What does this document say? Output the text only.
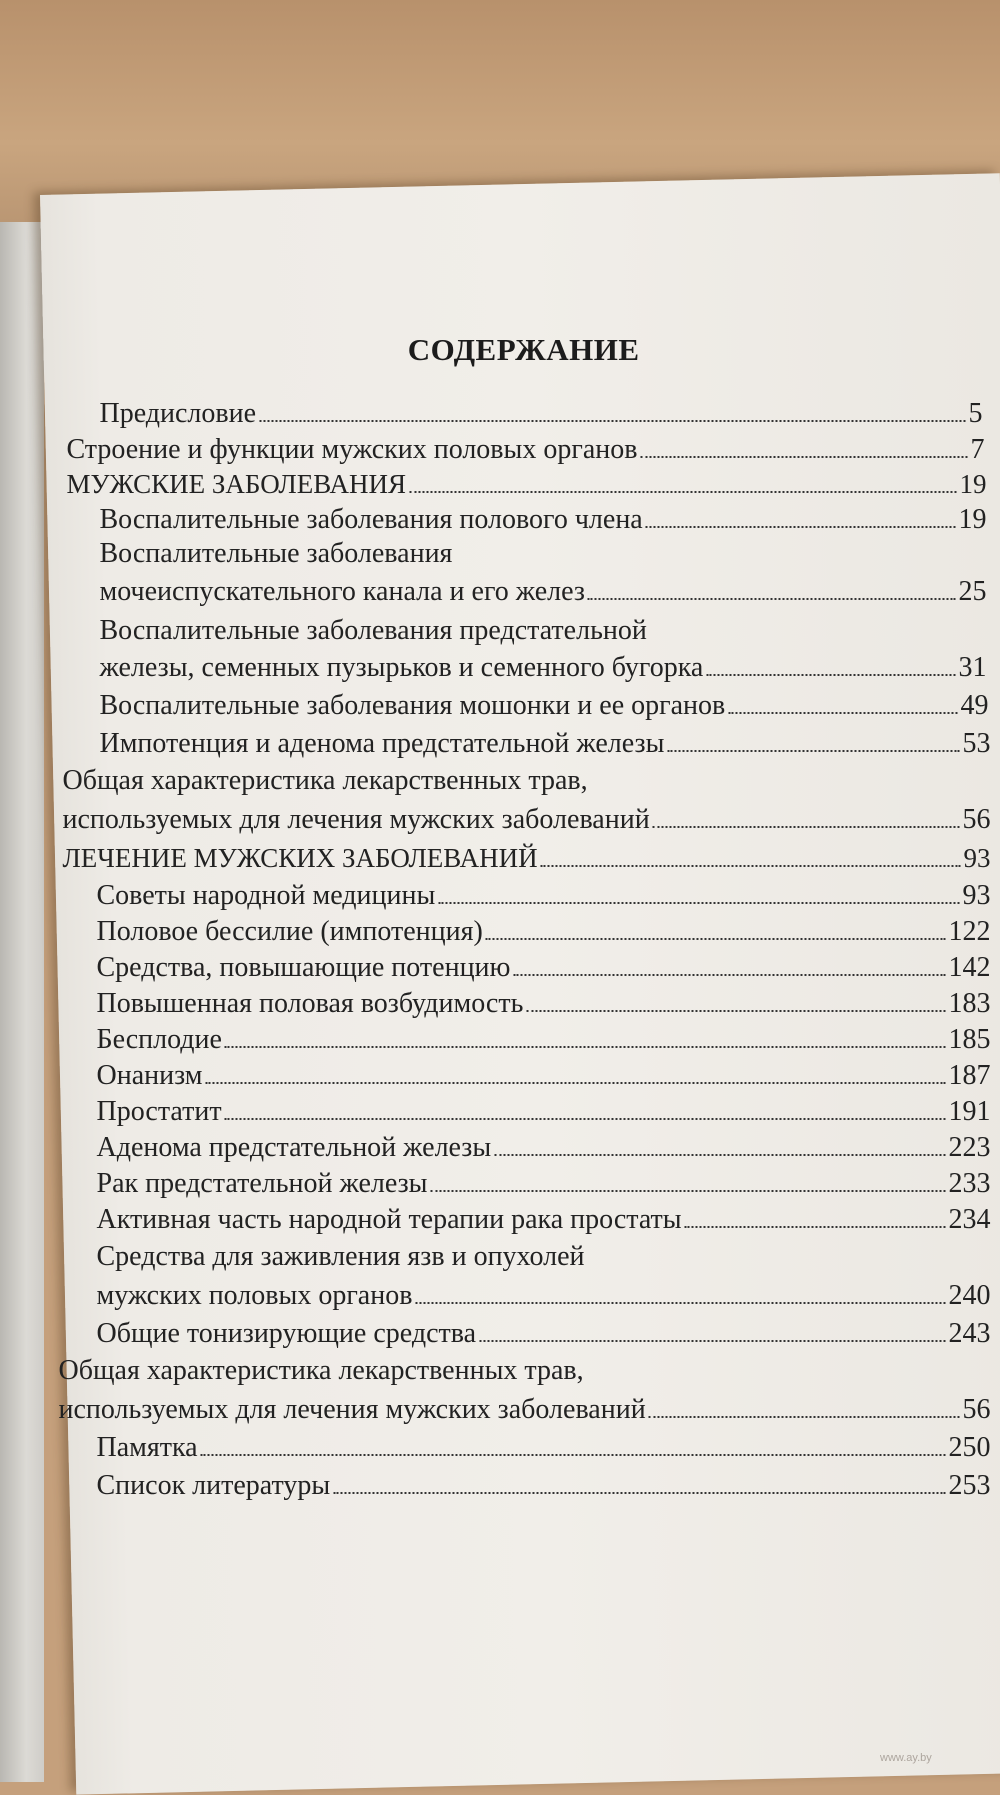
СОДЕРЖАНИЕ
Предисловие	5
Строение и функции мужских половых органов	7
МУЖСКИЕ ЗАБОЛЕВАНИЯ	19
Воспалительные заболевания полового члена	19
Воспалительные заболевания
мочеиспускательного канала и его желез	25
Воспалительные заболевания предстательной
железы, семенных пузырьков и семенного бугорка	31
Воспалительные заболевания мошонки и ее органов	49
Импотенция и аденома предстательной железы	53
Общая характеристика лекарственных трав,
используемых для лечения мужских заболеваний	56
ЛЕЧЕНИЕ МУЖСКИХ ЗАБОЛЕВАНИЙ	93
Советы народной медицины	93
Половое бессилие (импотенция)	122
Средства, повышающие потенцию	142
Повышенная половая возбудимость	183
Бесплодие	185
Онанизм	187
Простатит	191
Аденома предстательной железы	223
Рак предстательной железы	233
Активная часть народной терапии рака простаты	234
Средства для заживления язв и опухолей
мужских половых органов	240
Общие тонизирующие средства	243
Общая характеристика лекарственных трав,
используемых для лечения мужских заболеваний	56
Памятка	250
Список литературы	253
www.ay.by
